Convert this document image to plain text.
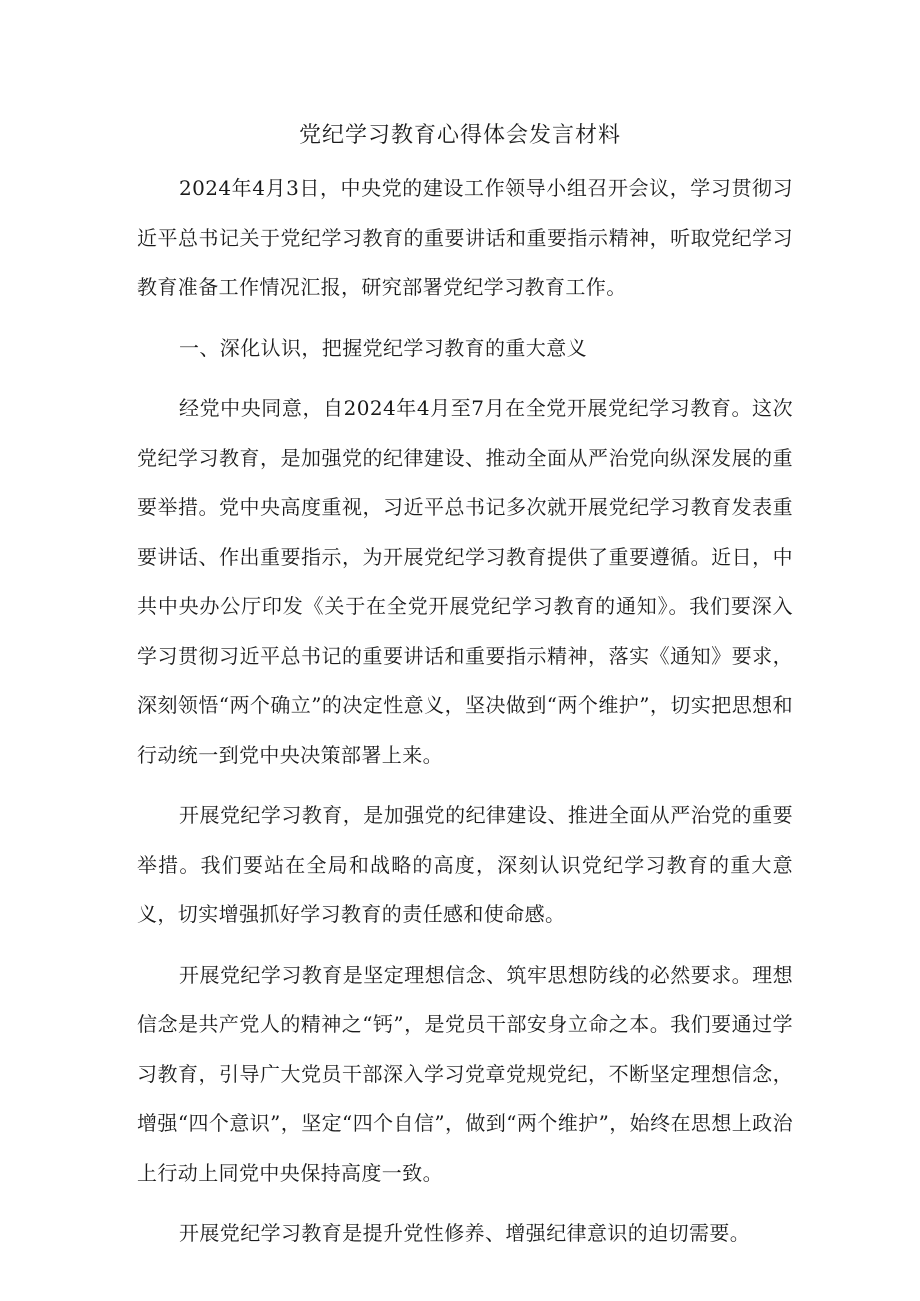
党纪学习教育心得体会发言材料

2024年4月3日，中央党的建设工作领导小组召开会议，学习贯彻习近平总书记关于党纪学习教育的重要讲话和重要指示精神，听取党纪学习教育准备工作情况汇报，研究部署党纪学习教育工作。

一、深化认识，把握党纪学习教育的重大意义

经党中央同意，自2024年4月至7月在全党开展党纪学习教育。这次党纪学习教育，是加强党的纪律建设、推动全面从严治党向纵深发展的重要举措。党中央高度重视，习近平总书记多次就开展党纪学习教育发表重要讲话、作出重要指示，为开展党纪学习教育提供了重要遵循。近日，中共中央办公厅印发《关于在全党开展党纪学习教育的通知》。我们要深入学习贯彻习近平总书记的重要讲话和重要指示精神，落实《通知》要求，深刻领悟“两个确立”的决定性意义，坚决做到“两个维护”，切实把思想和行动统一到党中央决策部署上来。

开展党纪学习教育，是加强党的纪律建设、推进全面从严治党的重要举措。我们要站在全局和战略的高度，深刻认识党纪学习教育的重大意义，切实增强抓好学习教育的责任感和使命感。

开展党纪学习教育是坚定理想信念、筑牢思想防线的必然要求。理想信念是共产党人的精神之“钙”，是党员干部安身立命之本。我们要通过学习教育，引导广大党员干部深入学习党章党规党纪，不断坚定理想信念，增强“四个意识”，坚定“四个自信”，做到“两个维护”，始终在思想上政治上行动上同党中央保持高度一致。

开展党纪学习教育是提升党性修养、增强纪律意识的迫切需要。
